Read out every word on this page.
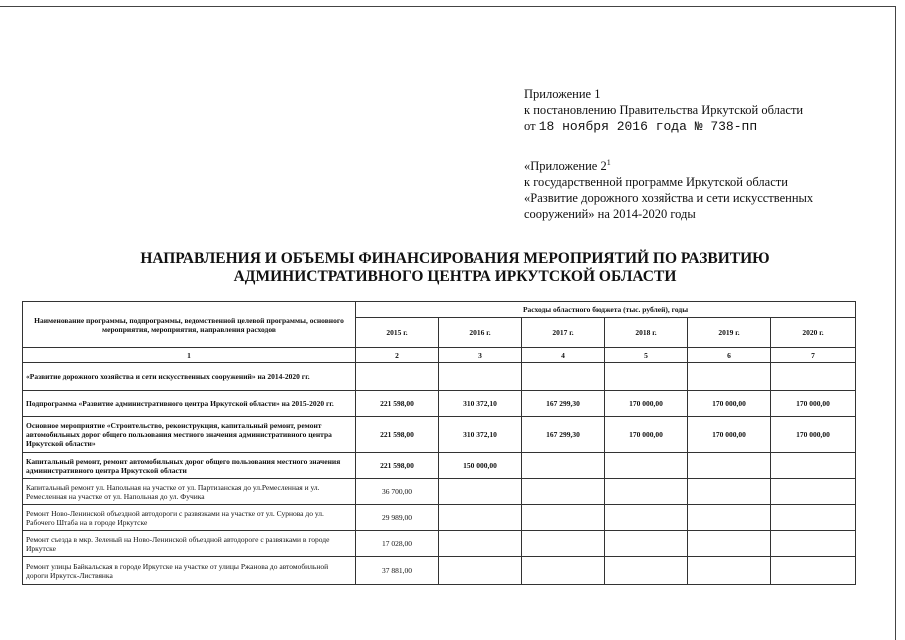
Приложение 1
к постановлению Правительства Иркутской области
от 18 ноября 2016 года № 738-пп
«Приложение $2^1$
к государственной программе Иркутской области
«Развитие дорожного хозяйства и сети искусственных
сооружений» на 2014-2020 годы
НАПРАВЛЕНИЯ И ОБЪЕМЫ ФИНАНСИРОВАНИЯ МЕРОПРИЯТИЙ ПО РАЗВИТИЮ
АДМИНИСТРАТИВНОГО ЦЕНТРА ИРКУТСКОЙ ОБЛАСТИ
Наименование программы, подпрограммы, ведомственной целевой программы, основного мероприятия, мероприятия, направления расходов	Расходы областного бюджета (тыс. рублей), годы					
	2015 г.	2016 г.	2017 г.	2018 г.	2019 г.	2020 г.
1	2	3	4	5	6	7
«Развитие дорожного хозяйства и сети искусственных сооружений» на 2014-2020 гг.						
Подпрограмма «Развитие административного центра Иркутской области» на 2015-2020 гг.	221 598,00	310 372,10	167 299,30	170 000,00	170 000,00	170 000,00
Основное мероприятие «Строительство, реконструкция, капитальный ремонт, ремонт автомобильных дорог общего пользования местного значения административного центра Иркутской области»	221 598,00	310 372,10	167 299,30	170 000,00	170 000,00	170 000,00
Капитальный ремонт, ремонт автомобильных дорог общего пользования местного значения административного центра Иркутской области	221 598,00	150 000,00				
Капитальный ремонт ул. Напольная на участке от ул. Партизанская до ул.Ремесленная и ул. Ремесленная на участке от ул. Напольная до ул. Фучика	36 700,00					
Ремонт Ново-Ленинской объездной автодороги с развязками на участке от ул. Сурнова до ул. Рабочего Штаба на в городе Иркутске	29 989,00					
Ремонт съезда в мкр. Зеленый на Ново-Ленинской объездной автодороге с развязками в городе Иркутске	17 028,00					
Ремонт улицы Байкальская в городе Иркутске на участке от улицы Ржанова до автомобильной дороги Иркутск-Листвянка	37 881,00					
